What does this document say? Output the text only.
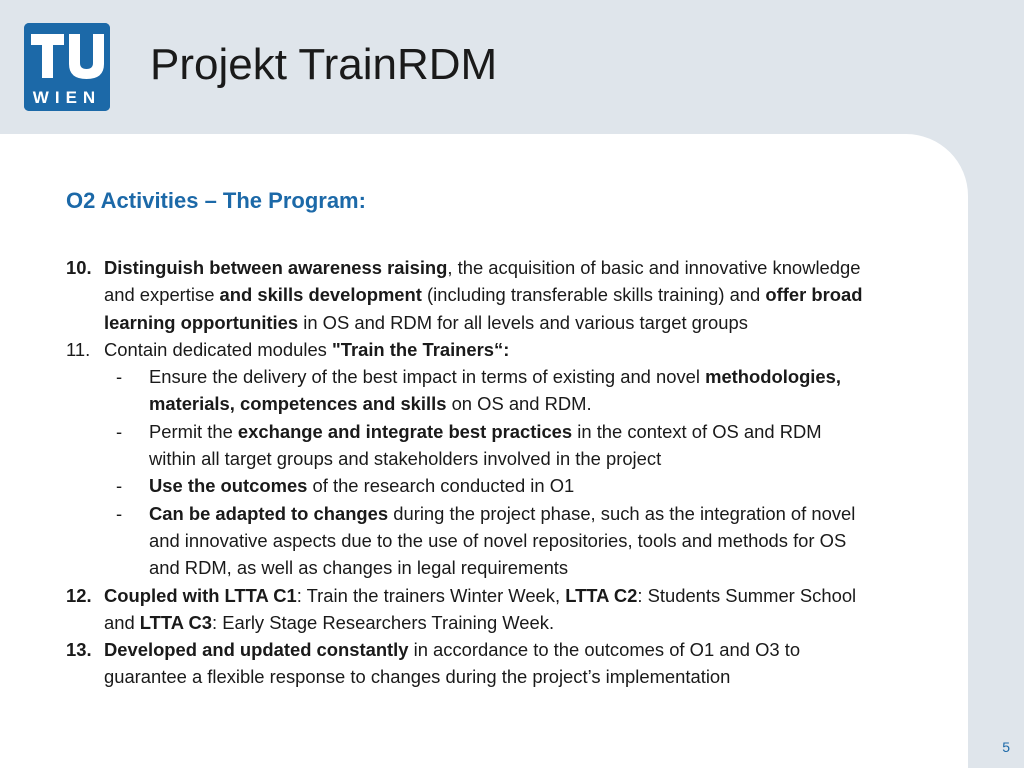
WIEN
Projekt TrainRDM
O2 Activities – The Program:
10. Distinguish between awareness raising, the acquisition of basic and innovative knowledge and expertise and skills development (including transferable skills training) and offer broad learning opportunities in OS and RDM for all levels and various target groups
11. Contain dedicated modules "Train the Trainers“:
- Ensure the delivery of the best impact in terms of existing and novel methodologies, materials, competences and skills on OS and RDM.
- Permit the exchange and integrate best practices in the context of OS and RDM within all target groups and stakeholders involved in the project
- Use the outcomes of the research conducted in O1
- Can be adapted to changes during the project phase, such as the integration of novel and innovative aspects due to the use of novel repositories, tools and methods for OS and RDM, as well as changes in legal requirements
12. Coupled with LTTA C1: Train the trainers Winter Week, LTTA C2: Students Summer School and LTTA C3: Early Stage Researchers Training Week.
13. Developed and updated constantly in accordance to the outcomes of O1 and O3 to guarantee a flexible response to changes during the project’s implementation
5
